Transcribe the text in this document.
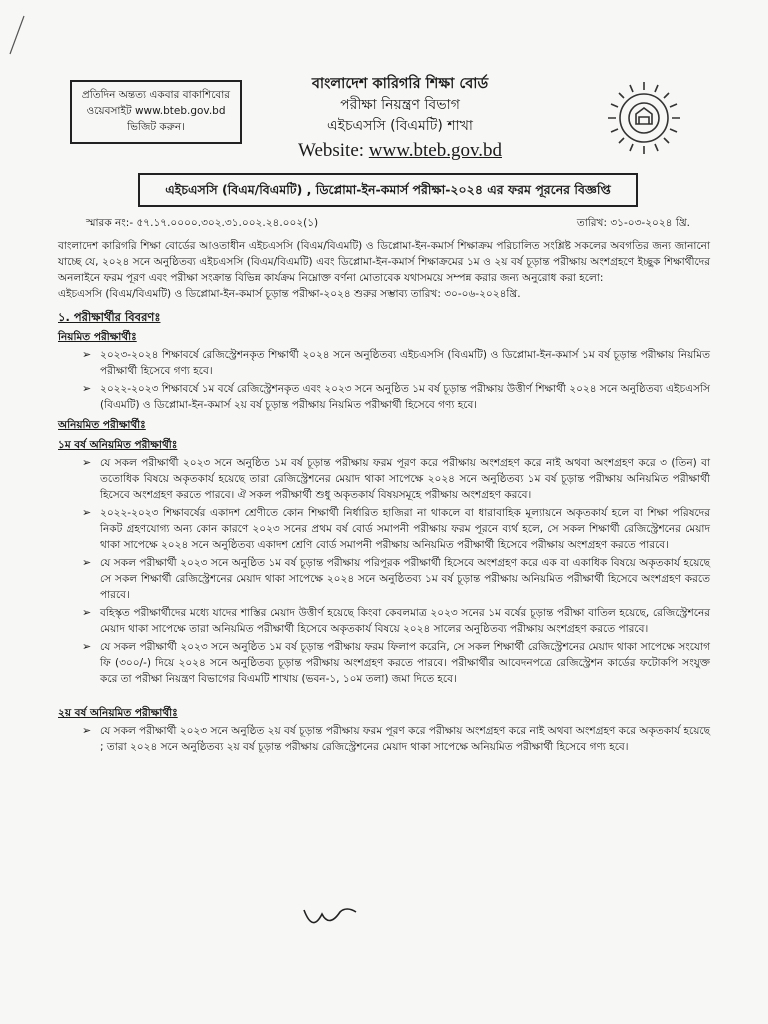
প্রতিদিন অন্তত্য একবার বাকাশিবোর
ওয়েবসাইট www.bteb.gov.bd
ভিজিট করুন।
বাংলাদেশ কারিগরি শিক্ষা বোর্ড
পরীক্ষা নিয়ন্ত্রণ বিভাগ
এইচএসসি (বিএমটি) শাখা
Website: www.bteb.gov.bd
এইচএসসি (বিএম/বিএমটি) , ডিপ্লোমা-ইন-কমার্স পরীক্ষা-২০২৪ এর ফরম পূরনের বিজ্ঞপ্তি
স্মারক নং:- ৫৭.১৭.০০০০.৩০২.৩১.০০২.২৪.০০২(১)	তারিখ: ৩১-০৩-২০২৪ খ্রি.

বাংলাদেশ কারিগরি শিক্ষা বোর্ডের আওতাধীন এইচএসসি (বিএম/বিএমটি) ও ডিপ্লোমা-ইন-কমার্স শিক্ষাক্রম পরিচালিত সংশ্লিষ্ট সকলের অবগতির জন্য জানানো যাচ্ছে যে, ২০২৪ সনে অনুষ্ঠিতব্য এইচএসসি (বিএম/বিএমটি) এবং ডিপ্লোমা-ইন-কমার্স শিক্ষাক্রমের ১ম ও ২য় বর্ষ চূড়ান্ত পরীক্ষায় অংশগ্রহণে ইচ্ছুক শিক্ষার্থীদের অনলাইনে ফরম পূরণ এবং পরীক্ষা সংক্রান্ত বিভিন্ন কার্যক্রম নিম্নোক্ত বর্ণনা মোতাবেক যথাসময়ে সম্পন্ন করার জন্য অনুরোধ করা হলো:

এইচএসসি (বিএম/বিএমটি) ও ডিপ্লোমা-ইন-কমার্স চূড়ান্ত পরীক্ষা-২০২৪ শুরুর সম্ভাব্য তারিখ: ৩০-০৬-২০২৪খ্রি.

১. পরীক্ষার্থীর বিবরণঃ

নিয়মিত পরীক্ষার্থীঃ

➢ ২০২৩-২০২৪ শিক্ষাবর্ষে রেজিস্ট্রেশনকৃত শিক্ষার্থী ২০২৪ সনে অনুষ্ঠিতব্য এইচএসসি (বিএমটি) ও ডিপ্লোমা-ইন-কমার্স ১ম বর্ষ চূড়ান্ত পরীক্ষায় নিয়মিত পরীক্ষার্থী হিসেবে গণ্য হবে।
➢ ২০২২-২০২৩ শিক্ষাবর্ষে ১ম বর্ষে রেজিস্ট্রেশনকৃত এবং ২০২৩ সনে অনুষ্ঠিত ১ম বর্ষ চূড়ান্ত পরীক্ষায় উত্তীর্ণ শিক্ষার্থী ২০২৪ সনে অনুষ্ঠিতব্য এইচএসসি (বিএমটি) ও ডিপ্লোমা-ইন-কমার্স ২য় বর্ষ চূড়ান্ত পরীক্ষায় নিয়মিত পরীক্ষার্থী হিসেবে গণ্য হবে।

অনিয়মিত পরীক্ষার্থীঃ

১ম বর্ষ অনিয়মিত পরীক্ষার্থীঃ

➢ যে সকল পরীক্ষার্থী ২০২৩ সনে অনুষ্ঠিত ১ম বর্ষ চূড়ান্ত পরীক্ষায় ফরম পূরণ করে পরীক্ষায় অংশগ্রহণ করে নাই অথবা অংশগ্রহণ করে ৩ (তিন) বা ততোধিক বিষয়ে অকৃতকার্য হয়েছে তারা রেজিস্ট্রেশনের মেয়াদ থাকা সাপেক্ষে ২০২৪ সনে অনুষ্ঠিতব্য ১ম বর্ষ চূড়ান্ত পরীক্ষায় অনিয়মিত পরীক্ষার্থী হিসেবে অংশগ্রহণ করতে পারবে। ঐ সকল পরীক্ষার্থী শুধু অকৃতকার্য বিষয়সমূহে পরীক্ষায় অংশগ্রহণ করবে।
➢ ২০২২-২০২৩ শিক্ষাবর্ষের একাদশ শ্রেণীতে কোন শিক্ষার্থী নির্ধারিত হাজিরা না থাকলে বা ধারাবাহিক মূল্যায়নে অকৃতকার্য হলে বা শিক্ষা পরিষদের নিকট গ্রহণযোগ্য অন্য কোন কারণে ২০২৩ সনের প্রথম বর্ষ বোর্ড সমাপনী পরীক্ষায় ফরম পূরনে ব্যর্থ হলে, সে সকল শিক্ষার্থী রেজিস্ট্রেশনের মেয়াদ থাকা সাপেক্ষে ২০২৪ সনে অনুষ্ঠিতব্য একাদশ শ্রেণি বোর্ড সমাপনী পরীক্ষায় অনিয়মিত পরীক্ষার্থী হিসেবে পরীক্ষায় অংশগ্রহণ করতে পারবে।
➢ যে সকল পরীক্ষার্থী ২০২৩ সনে অনুষ্ঠিত ১ম বর্ষ চূড়ান্ত পরীক্ষায় পরিপূরক পরীক্ষার্থী হিসেবে অংশগ্রহণ করে এক বা একাধিক বিষয়ে অকৃতকার্য হয়েছে সে সকল শিক্ষার্থী রেজিস্ট্রেশনের মেয়াদ থাকা সাপেক্ষে ২০২৪ সনে অনুষ্ঠিতব্য ১ম বর্ষ চূড়ান্ত পরীক্ষায় অনিয়মিত পরীক্ষার্থী হিসেবে অংশগ্রহণ করতে পারবে।
➢ বহিস্কৃত পরীক্ষার্থীদের মধ্যে যাদের শাস্তির মেয়াদ উত্তীর্ণ হয়েছে কিংবা কেবলমাত্র ২০২৩ সনের ১ম বর্ষের চূড়ান্ত পরীক্ষা বাতিল হয়েছে, রেজিস্ট্রেশনের মেয়াদ থাকা সাপেক্ষে তারা অনিয়মিত পরীক্ষার্থী হিসেবে অকৃতকার্য বিষয়ে ২০২৪ সালের অনুষ্ঠিতব্য পরীক্ষায় অংশগ্রহণ করতে পারবে।
➢ যে সকল পরীক্ষার্থী ২০২৩ সনে অনুষ্ঠিত ১ম বর্ষ চূড়ান্ত পরীক্ষায় ফরম ফিলাপ করেনি, সে সকল শিক্ষার্থী রেজিস্ট্রেশনের মেয়াদ থাকা সাপেক্ষে সংযোগ ফি (৩০০/-) দিয়ে ২০২৪ সনে অনুষ্ঠিতব্য চূড়ান্ত পরীক্ষায় অংশগ্রহণ করতে পারবে। পরীক্ষার্থীর আবেদনপত্রে রেজিস্ট্রেশন কার্ডের ফটোকপি সংযুক্ত করে তা পরীক্ষা নিয়ন্ত্রণ বিভাগের বিএমটি শাখায় (ভবন-১, ১০ম তলা) জমা দিতে হবে।

২য় বর্ষ অনিয়মিত পরীক্ষার্থীঃ

➢ যে সকল পরীক্ষার্থী ২০২৩ সনে অনুষ্ঠিত ২য় বর্ষ চূড়ান্ত পরীক্ষায় ফরম পূরণ করে পরীক্ষায় অংশগ্রহণ করে নাই অথবা অংশগ্রহণ করে অকৃতকার্য হয়েছে ; তারা ২০২৪ সনে অনুষ্ঠিতব্য ২য় বর্ষ চূড়ান্ত পরীক্ষায় রেজিস্ট্রেশনের মেয়াদ থাকা সাপেক্ষে অনিয়মিত পরীক্ষার্থী হিসেবে গণ্য হবে।
